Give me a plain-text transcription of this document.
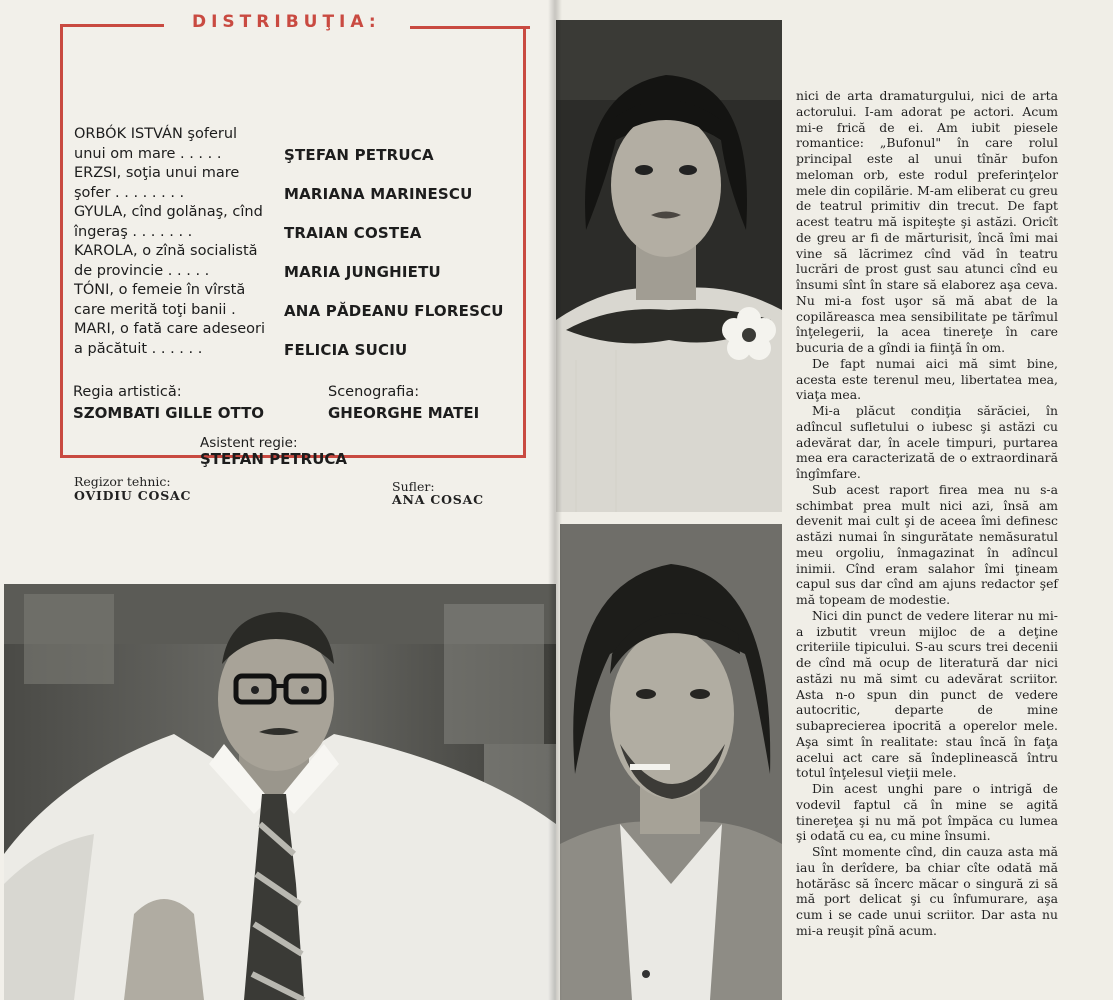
DISTRIBUŢIA:
ORBÓK ISTVÁN şoferul
unui om mare . . . . .	ŞTEFAN PETRUCA
ERZSI, soţia unui mare
şofer . . . . . . . .	MARIANA MARINESCU
GYULA, cînd golănaş, cînd
îngeraş . . . . . . .	TRAIAN COSTEA
KAROLA, o zînă socialistă
de provincie . . . . .	MARIA JUNGHIETU
TÓNI, o femeie în vîrstă
care merită toţi banii .	ANA PĂDEANU FLORESCU
MARI, o fată care adeseori
a păcătuit . . . . . .	FELICIA SUCIU
Regia artistică:
SZOMBATI GILLE OTTO
Scenografia:
GHEORGHE MATEI
Asistent regie:
ŞTEFAN PETRUCA
Regizor tehnic:
OVIDIU COSAC
Sufler:
ANA COSAC

nici de arta dramaturgului, nici de arta actorului. I-am adorat pe actori. Acum mi-e frică de ei. Am iubit piesele romantice: „Bufonul" în care rolul principal este al unui tînăr bufon meloman orb, este rodul preferinţelor mele din copilărie. M-am eliberat cu greu de teatrul primitiv din trecut. De fapt acest teatru mă ispiteşte şi astăzi. Oricît de greu ar fi de mărturisit, încă îmi mai vine să lăcrimez cînd văd în teatru lucrări de prost gust sau atunci cînd eu însumi sînt în stare să elaborez aşa ceva. Nu mi-a fost uşor să mă abat de la copilăreasca mea sensibilitate pe tărîmul înţelegerii, la acea tinereţe în care bucuria de a gîndi ia fiinţă în om.

De fapt numai aici mă simt bine, acesta este terenul meu, libertatea mea, viaţa mea.

Mi-a plăcut condiţia sărăciei, în adîncul sufletului o iubesc şi astăzi cu adevărat dar, în acele timpuri, purtarea mea era caracterizată de o extraordinară îngîmfare.

Sub acest raport firea mea nu s-a schimbat prea mult nici azi, însă am devenit mai cult şi de aceea îmi definesc astăzi numai în singurătate nemăsuratul meu orgoliu, înmagazinat în adîncul inimii. Cînd eram salahor îmi ţineam capul sus dar cînd am ajuns redactor şef mă topeam de modestie.

Nici din punct de vedere literar nu mi-a izbutit vreun mijloc de a deţine criteriile tipicului. S-au scurs trei decenii de cînd mă ocup de literatură dar nici astăzi nu mă simt cu adevărat scriitor. Asta n-o spun din punct de vedere autocritic, departe de mine subaprecierea ipocrită a operelor mele. Aşa simt în realitate: stau încă în faţa acelui act care să îndeplinească întru totul înţelesul vieţii mele.

Din acest unghi pare o intrigă de vodevil faptul că în mine se agită tinereţea şi nu mă pot împăca cu lumea şi odată cu ea, cu mine însumi.

Sînt momente cînd, din cauza asta mă iau în derîdere, ba chiar cîte odată mă hotărăsc să încerc măcar o singură zi să mă port delicat şi cu înfumurare, aşa cum i se cade unui scriitor. Dar asta nu mi-a reuşit pînă acum.
